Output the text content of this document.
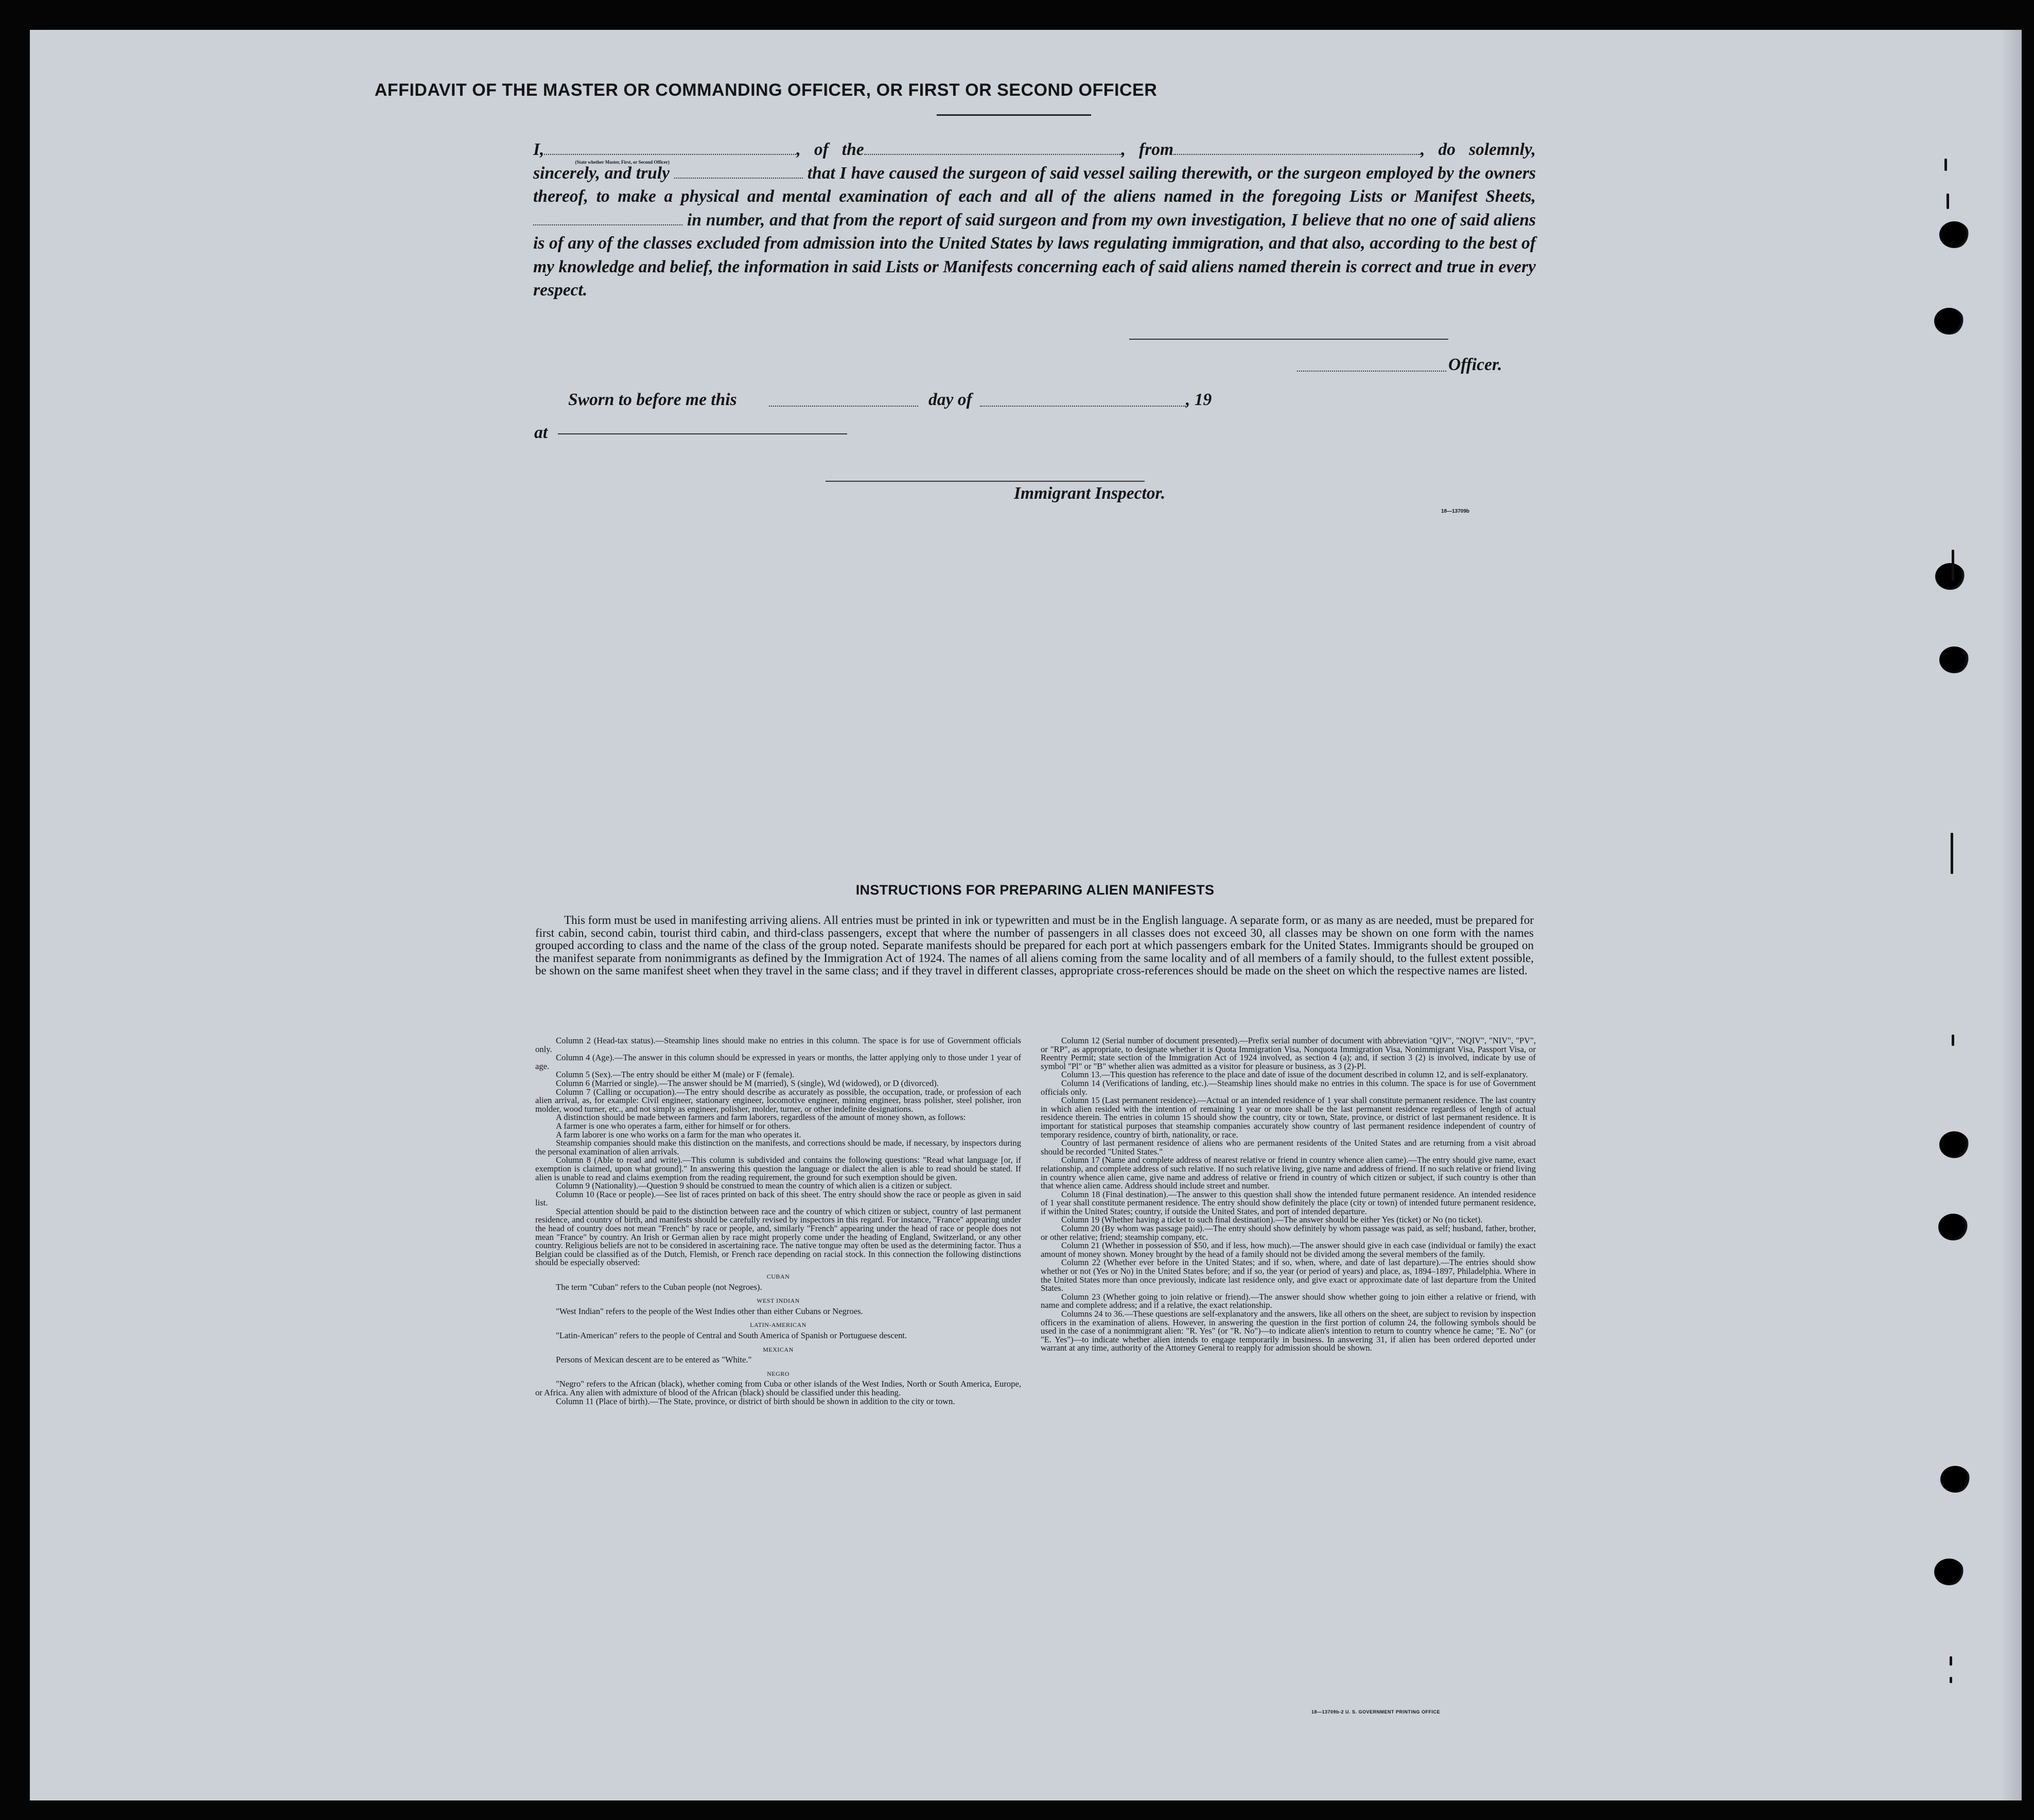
AFFIDAVIT OF THE MASTER OR COMMANDING OFFICER, OR FIRST OR SECOND OFFICER
I,
(State whether Master, First, or Second Officer)
, of the	, from	, do solemnly, sincerely, and truly	that I have caused the surgeon of said vessel sailing therewith, or the surgeon employed by the owners thereof, to make a physical and mental examination of each and all of the aliens named in the foregoing Lists or Manifest Sheets,  in number, and that from the report of said surgeon and from my own investigation, I believe that no one of said aliens is of any of the classes excluded from admission into the United States by laws regulating immigration, and that also, according to the best of my knowledge and belief, the information in said Lists or Manifests concerning each of said aliens named therein is correct and true in every respect.
Officer.
Sworn to before me this	day of	, 19
at
Immigrant Inspector.
18—13709b
INSTRUCTIONS FOR PREPARING ALIEN MANIFESTS
This form must be used in manifesting arriving aliens. All entries must be printed in ink or typewritten and must be in the English language. A separate form, or as many as are needed, must be prepared for first cabin, second cabin, tourist third cabin, and third-class passengers, except that where the number of passengers in all classes does not exceed 30, all classes may be shown on one form with the names grouped according to class and the name of the class of the group noted. Separate manifests should be prepared for each port at which passengers embark for the United States. Immigrants should be grouped on the manifest separate from nonimmigrants as defined by the Immigration Act of 1924. The names of all aliens coming from the same locality and of all members of a family should, to the fullest extent possible, be shown on the same manifest sheet when they travel in the same class; and if they travel in different classes, appropriate cross-references should be made on the sheet on which the respective names are listed.

Column 2 (Head-tax status).—Steamship lines should make no entries in this column. The space is for use of Government officials only.

Column 4 (Age).—The answer in this column should be expressed in years or months, the latter applying only to those under 1 year of age.

Column 5 (Sex).—The entry should be either M (male) or F (female).

Column 6 (Married or single).—The answer should be M (married), S (single), Wd (widowed), or D (divorced).

Column 7 (Calling or occupation).—The entry should describe as accurately as possible, the occupation, trade, or profession of each alien arrival, as, for example: Civil engineer, stationary engineer, locomotive engineer, mining engineer, brass polisher, steel polisher, iron molder, wood turner, etc., and not simply as engineer, polisher, molder, turner, or other indefinite designations.

A distinction should be made between farmers and farm laborers, regardless of the amount of money shown, as follows:

A farmer is one who operates a farm, either for himself or for others.

A farm laborer is one who works on a farm for the man who operates it.

Steamship companies should make this distinction on the manifests, and corrections should be made, if necessary, by inspectors during the personal examination of alien arrivals.

Column 8 (Able to read and write).—This column is subdivided and contains the following questions: "Read what language [or, if exemption is claimed, upon what ground]." In answering this question the language or dialect the alien is able to read should be stated. If alien is unable to read and claims exemption from the reading requirement, the ground for such exemption should be given.

Column 9 (Nationality).—Question 9 should be construed to mean the country of which alien is a citizen or subject.

Column 10 (Race or people).—See list of races printed on back of this sheet. The entry should show the race or people as given in said list.

Special attention should be paid to the distinction between race and the country of which citizen or subject, country of last permanent residence, and country of birth, and manifests should be carefully revised by inspectors in this regard. For instance, "France" appearing under the head of country does not mean "French" by race or people, and, similarly "French" appearing under the head of race or people does not mean "France" by country. An Irish or German alien by race might properly come under the heading of England, Switzerland, or any other country. Religious beliefs are not to be considered in ascertaining race. The native tongue may often be used as the determining factor. Thus a Belgian could be classified as of the Dutch, Flemish, or French race depending on racial stock. In this connection the following distinctions should be especially observed:

CUBAN

The term "Cuban" refers to the Cuban people (not Negroes).

WEST INDIAN

"West Indian" refers to the people of the West Indies other than either Cubans or Negroes.

LATIN-AMERICAN

"Latin-American" refers to the people of Central and South America of Spanish or Portuguese descent.

MEXICAN

Persons of Mexican descent are to be entered as "White."

NEGRO

"Negro" refers to the African (black), whether coming from Cuba or other islands of the West Indies, North or South America, Europe, or Africa. Any alien with admixture of blood of the African (black) should be classified under this heading.

Column 11 (Place of birth).—The State, province, or district of birth should be shown in addition to the city or town.

Column 12 (Serial number of document presented).—Prefix serial number of document with abbreviation "QIV", "NQIV", "NIV", "PV", or "RP", as appropriate, to designate whether it is Quota Immigration Visa, Nonquota Immigration Visa, Nonimmigrant Visa, Passport Visa, or Reentry Permit; state section of the Immigration Act of 1924 involved, as section 4 (a); and, if section 3 (2) is involved, indicate by use of symbol "Pl" or "B" whether alien was admitted as a visitor for pleasure or business, as 3 (2)-Pl.

Column 13.—This question has reference to the place and date of issue of the document described in column 12, and is self-explanatory.

Column 14 (Verifications of landing, etc.).—Steamship lines should make no entries in this column. The space is for use of Government officials only.

Column 15 (Last permanent residence).—Actual or an intended residence of 1 year shall constitute permanent residence. The last country in which alien resided with the intention of remaining 1 year or more shall be the last permanent residence regardless of length of actual residence therein. The entries in column 15 should show the country, city or town, State, province, or district of last permanent residence. It is important for statistical purposes that steamship companies accurately show country of last permanent residence independent of country of temporary residence, country of birth, nationality, or race.

Country of last permanent residence of aliens who are permanent residents of the United States and are returning from a visit abroad should be recorded "United States."

Column 17 (Name and complete address of nearest relative or friend in country whence alien came).—The entry should give name, exact relationship, and complete address of such relative. If no such relative living, give name and address of friend. If no such relative or friend living in country whence alien came, give name and address of relative or friend in country of which citizen or subject, if such country is other than that whence alien came. Address should include street and number.

Column 18 (Final destination).—The answer to this question shall show the intended future permanent residence. An intended residence of 1 year shall constitute permanent residence. The entry should show definitely the place (city or town) of intended future permanent residence, if within the United States; country, if outside the United States, and port of intended departure.

Column 19 (Whether having a ticket to such final destination).—The answer should be either Yes (ticket) or No (no ticket).

Column 20 (By whom was passage paid).—The entry should show definitely by whom passage was paid, as self; husband, father, brother, or other relative; friend; steamship company, etc.

Column 21 (Whether in possession of $50, and if less, how much).—The answer should give in each case (individual or family) the exact amount of money shown. Money brought by the head of a family should not be divided among the several members of the family.

Column 22 (Whether ever before in the United States; and if so, when, where, and date of last departure).—The entries should show whether or not (Yes or No) in the United States before; and if so, the year (or period of years) and place, as, 1894–1897, Philadelphia. Where in the United States more than once previously, indicate last residence only, and give exact or approximate date of last departure from the United States.

Column 23 (Whether going to join relative or friend).—The answer should show whether going to join either a relative or friend, with name and complete address; and if a relative, the exact relationship.

Columns 24 to 36.—These questions are self-explanatory and the answers, like all others on the sheet, are subject to revision by inspection officers in the examination of aliens. However, in answering the question in the first portion of column 24, the following symbols should be used in the case of a nonimmigrant alien: "R. Yes" (or "R. No")—to indicate alien's intention to return to country whence he came; "E. No" (or "E. Yes")—to indicate whether alien intends to engage temporarily in business. In answering 31, if alien has been ordered deported under warrant at any time, authority of the Attorney General to reapply for admission should be shown.

18—13709b-2 U. S. GOVERNMENT PRINTING OFFICE
